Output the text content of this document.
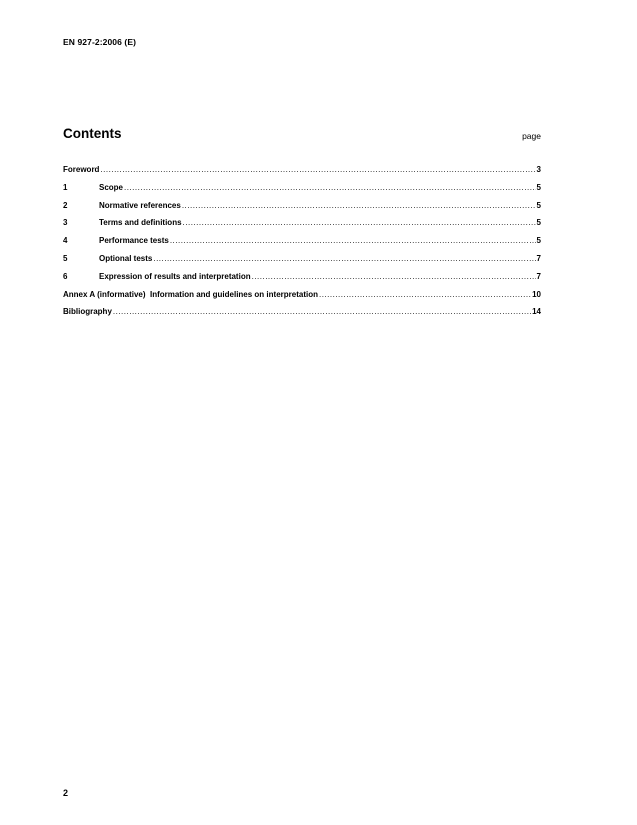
EN 927-2:2006 (E)
Contents	page
Foreword .....	3
1	Scope .....	5
2	Normative references .....	5
3	Terms and definitions .....	5
4	Performance tests .....	5
5	Optional tests .....	7
6	Expression of results and interpretation .....	7
Annex A (informative)  Information and guidelines on interpretation .....	10
Bibliography .....	14
2
